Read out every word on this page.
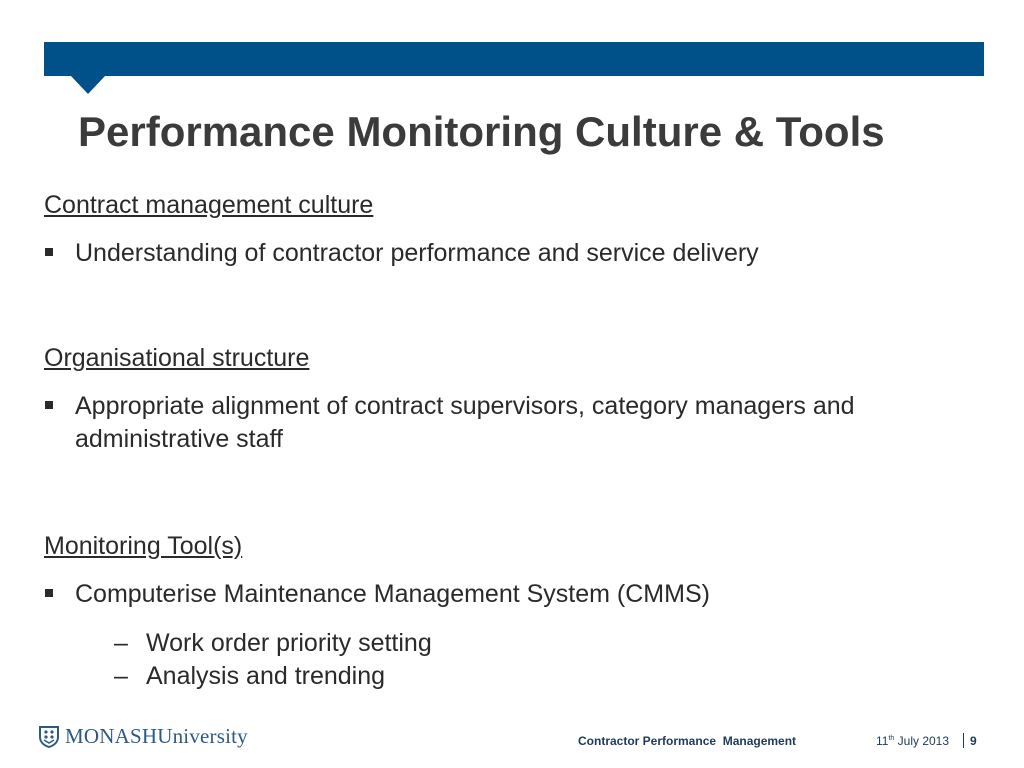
Performance Monitoring Culture & Tools

Contract management culture

Understanding of contractor performance and service delivery

Organisational structure

Appropriate alignment of contract supervisors, category managers and administrative staff

Monitoring Tool(s)

Computerise Maintenance Management System (CMMS)
– Work order priority setting
– Analysis and trending
MONASHUniversity	Contractor Performance  Management	11th July 2013 9
